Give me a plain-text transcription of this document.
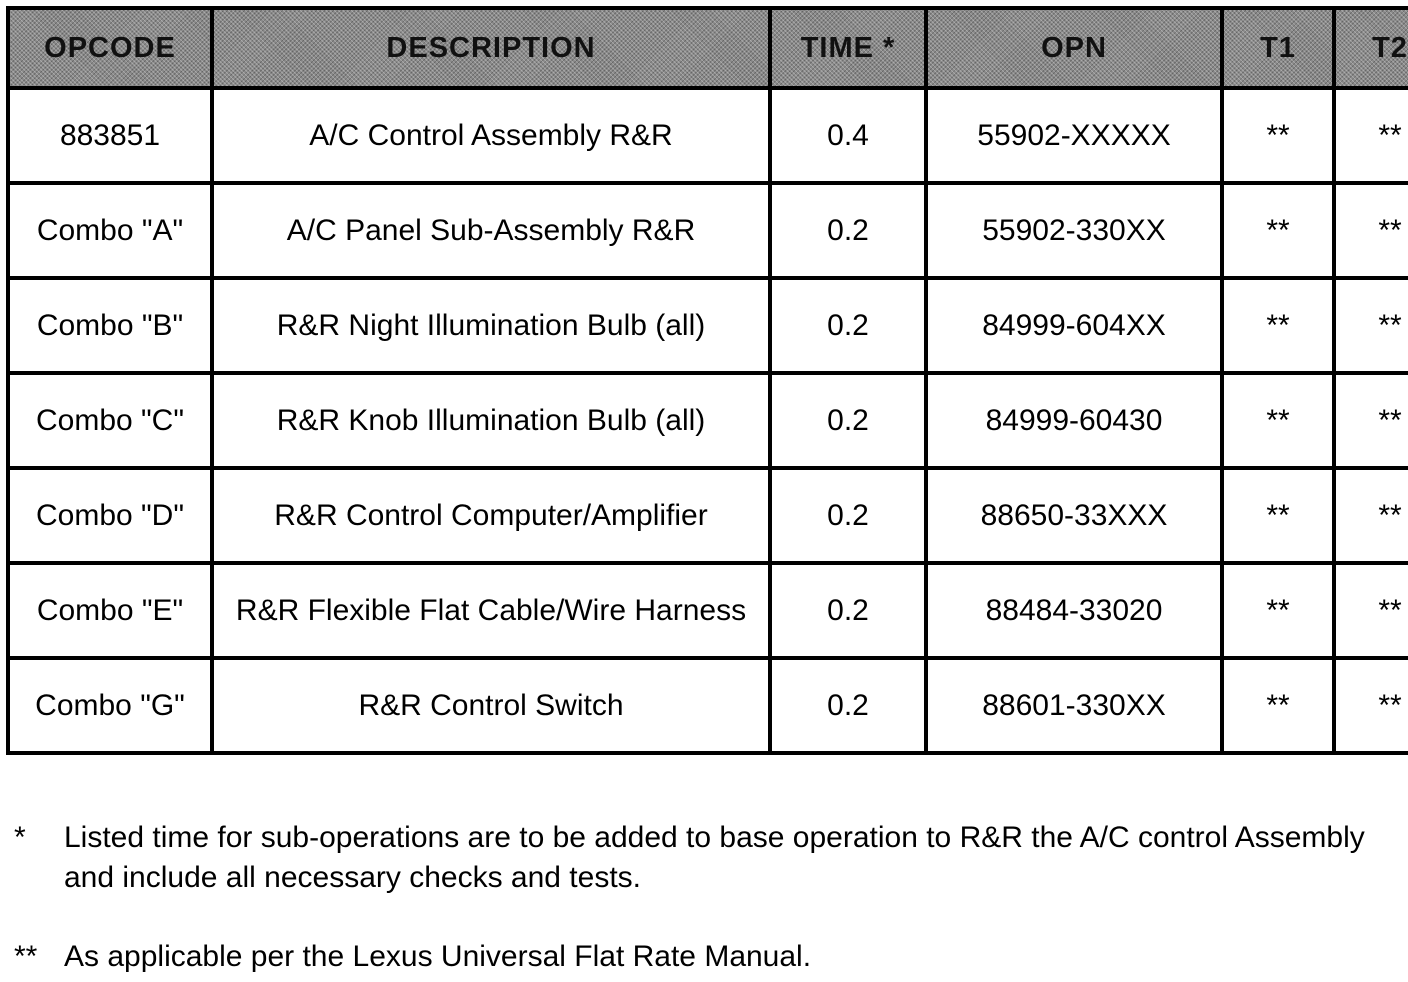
OPCODE	DESCRIPTION	TIME *	OPN	T1	T2
883851	A/C Control Assembly R&R	0.4	55902-XXXXX	**	**
Combo "A"	A/C Panel Sub-Assembly R&R	0.2	55902-330XX	**	**
Combo "B"	R&R Night Illumination Bulb (all)	0.2	84999-604XX	**	**
Combo "C"	R&R Knob Illumination Bulb (all)	0.2	84999-60430	**	**
Combo "D"	R&R Control Computer/Amplifier	0.2	88650-33XXX	**	**
Combo "E"	R&R Flexible Flat Cable/Wire Harness	0.2	88484-33020	**	**
Combo "G"	R&R Control Switch	0.2	88601-330XX	**	**
*	Listed time for sub-operations are to be added to base operation to R&R the A/C control Assembly and include all necessary checks and tests.
** As applicable per the Lexus Universal Flat Rate Manual.
